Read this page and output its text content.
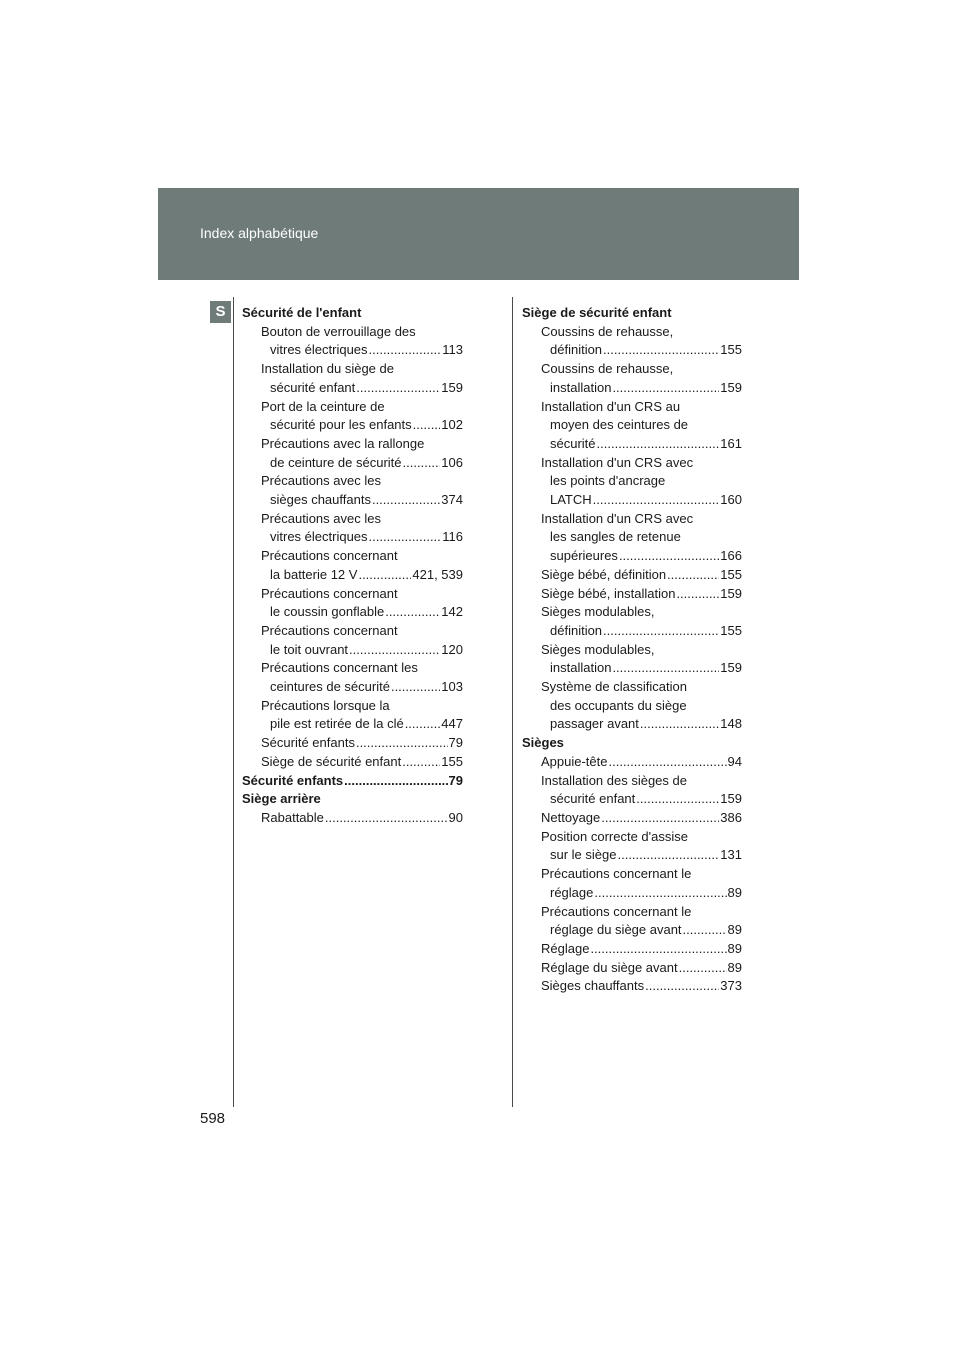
Index alphabétique
S	Sécurité de l'enfant
Bouton de verrouillage des
vitres électriques .....	113
Installation du siège de
sécurité enfant .....	159
Port de la ceinture de
sécurité pour les enfants ..... 102
Précautions avec la rallonge
de ceinture de sécurité .....	106
Précautions avec les
sièges chauffants .....	374
Précautions avec les
vitres électriques .....	116
Précautions concernant
la batterie 12 V .....	421, 539
Précautions concernant
le coussin gonflable .....	142
Précautions concernant
le toit ouvrant .....	120
Précautions concernant les
ceintures de sécurité .....	103
Précautions lorsque la
pile est retirée de la clé .....	447
Sécurité enfants .....	79
Siège de sécurité enfant .....	155
Sécurité enfants .....	79
Siège arrière
Rabattable .....	90
Siège de sécurité enfant
Coussins de rehausse,
définition .....	155
Coussins de rehausse,
installation .....	159
Installation d'un CRS au
moyen des ceintures de
sécurité .....	161
Installation d'un CRS avec
les points d'ancrage
LATCH .....	160
Installation d'un CRS avec
les sangles de retenue
supérieures .....	166
Siège bébé, définition .....	155
Siège bébé, installation .....	159
Sièges modulables,
définition .....	155
Sièges modulables,
installation .....	159
Système de classification
des occupants du siège
passager avant .....	148
Sièges
Appuie-tête .....	94
Installation des sièges de
sécurité enfant .....	159
Nettoyage .....	386
Position correcte d'assise
sur le siège .....	131
Précautions concernant le
réglage .....	89
Précautions concernant le
réglage du siège avant .....	89
Réglage .....	89
Réglage du siège avant .....	89
Sièges chauffants .....	373
598
